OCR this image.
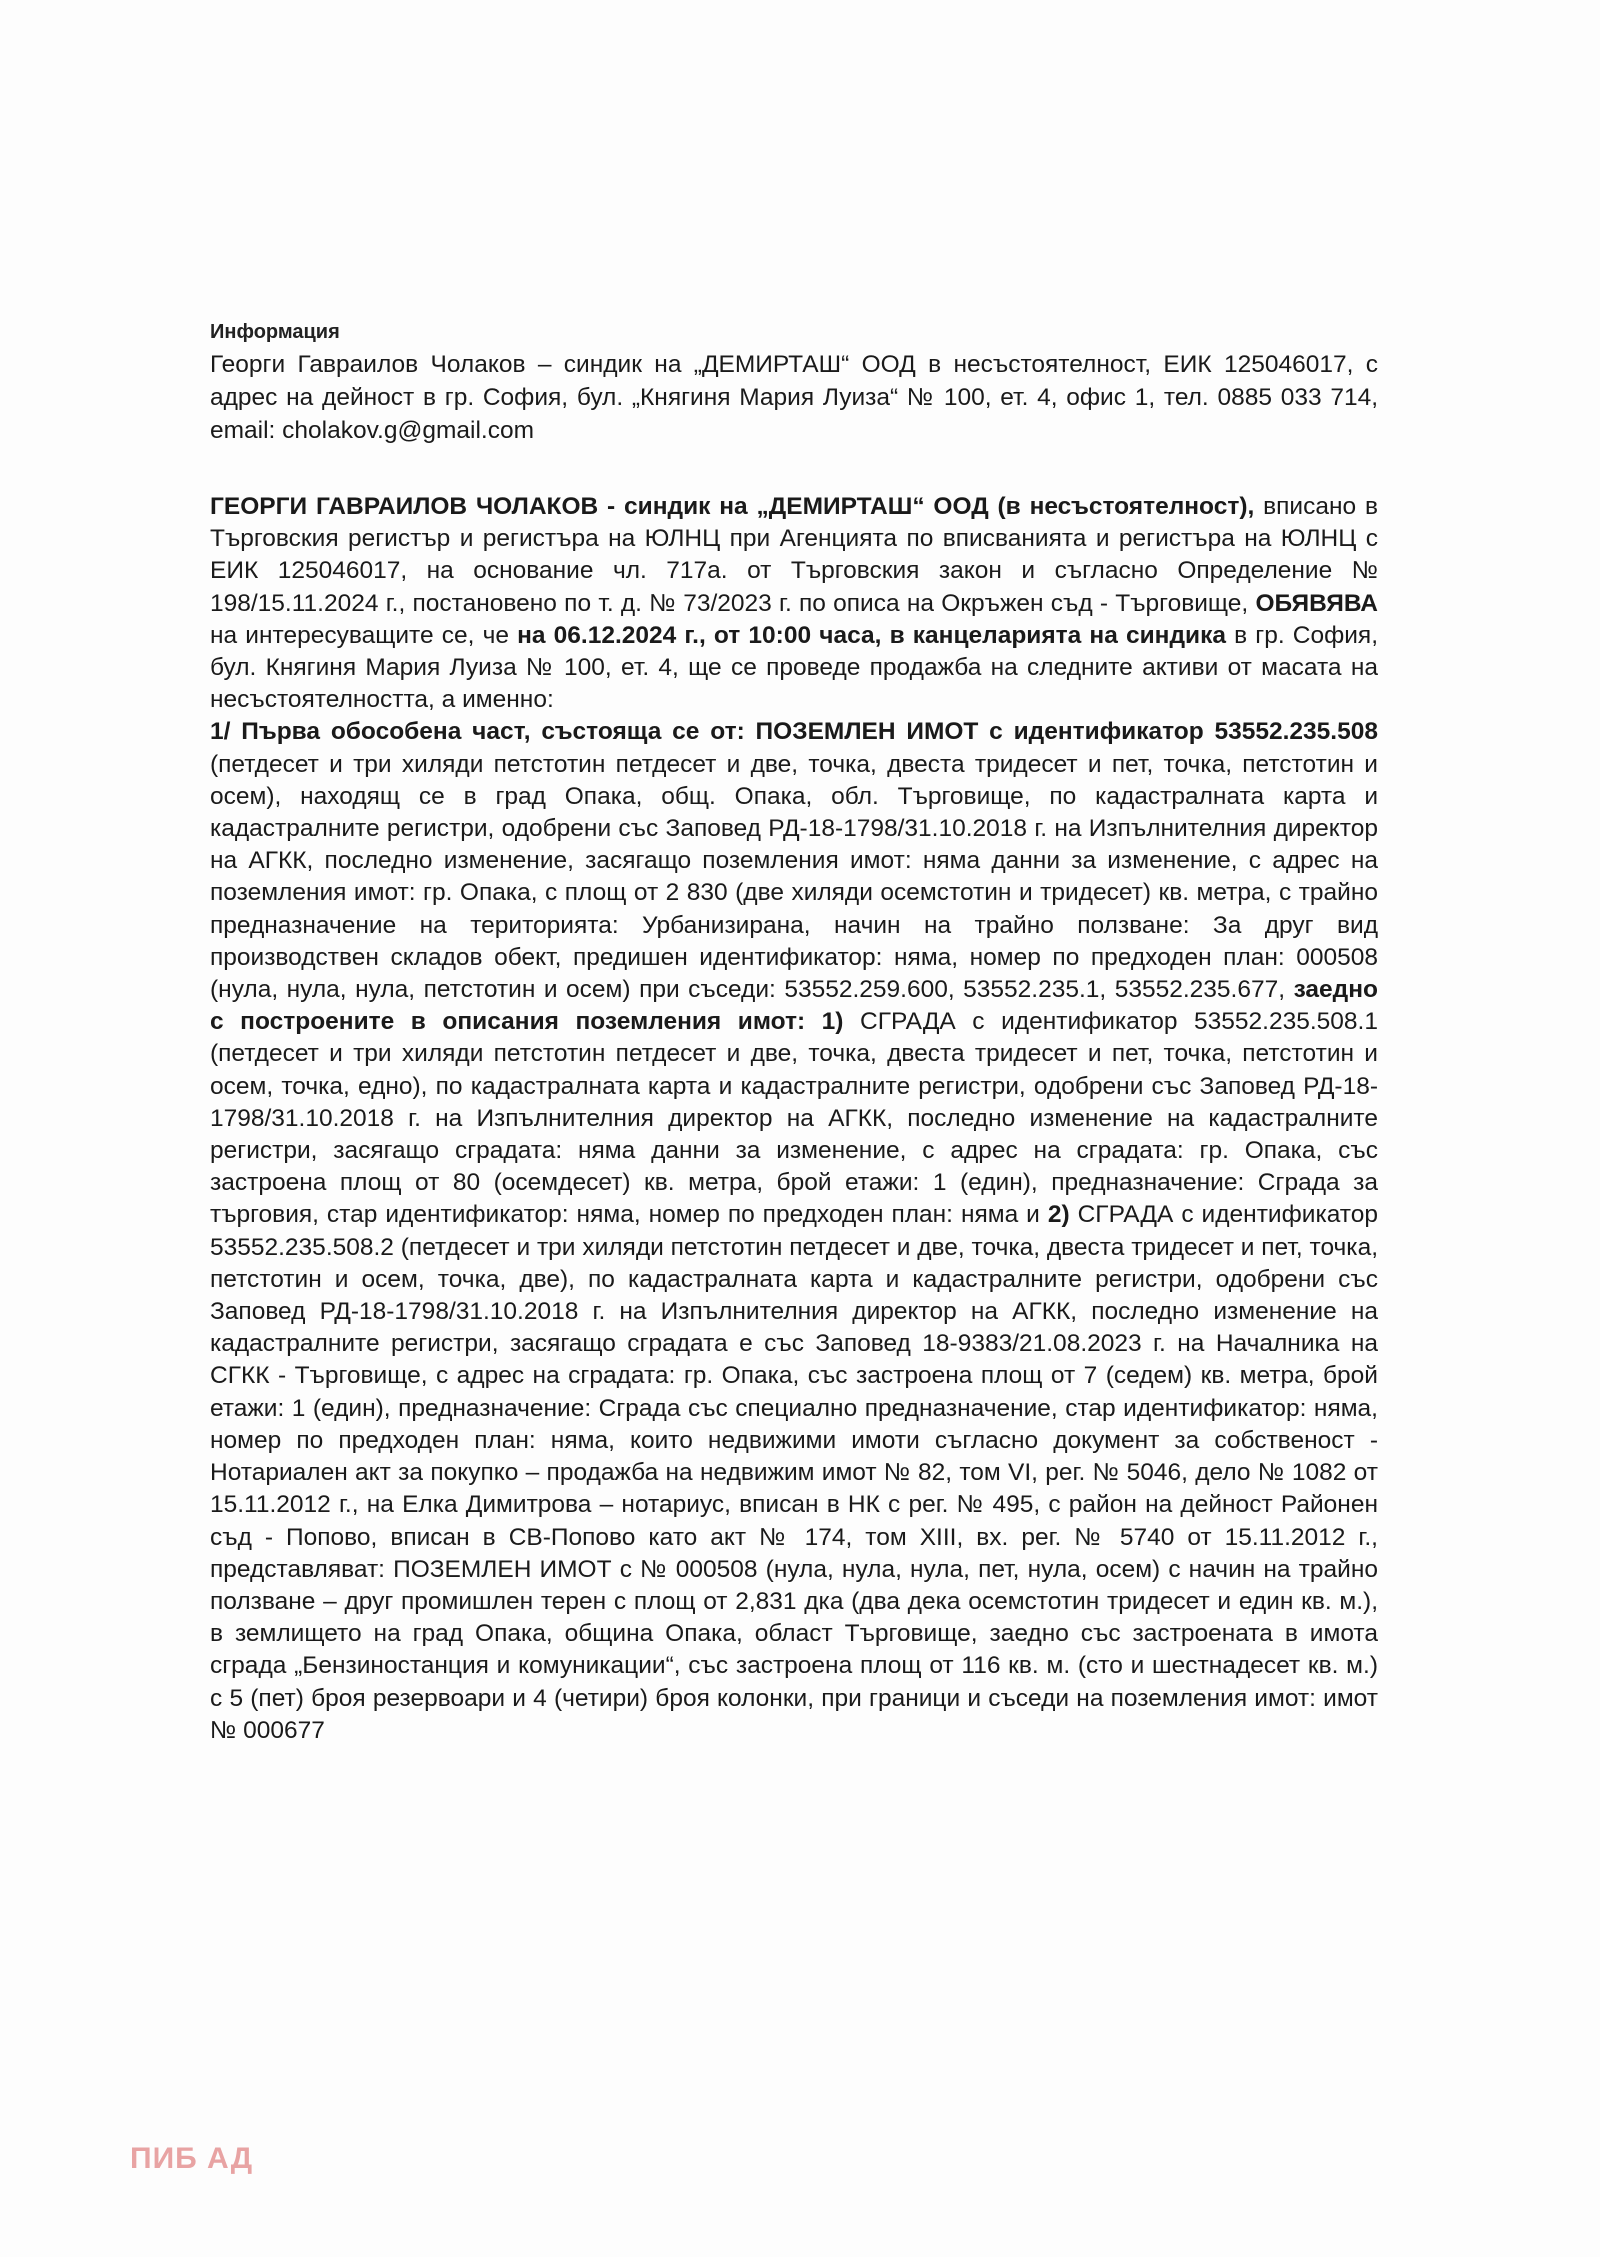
Информация

Георги Гавраилов Чолаков – синдик на „ДЕМИРТАШ“ ООД в несъстоятелност, ЕИК 125046017, с адрес на дейност в гр. София, бул. „Княгиня Мария Луиза“ № 100, ет. 4, офис 1, тел. 0885 033 714, email: cholakov.g@gmail.com

ГЕОРГИ ГАВРАИЛОВ ЧОЛАКОВ - синдик на „ДЕМИРТАШ“ ООД (в несъстоятелност), вписано в Търговския регистър и регистъра на ЮЛНЦ при Агенцията по вписванията и регистъра на ЮЛНЦ с ЕИК 125046017, на основание чл. 717а. от Търговския закон и съгласно Определение № 198/15.11.2024 г., постановено по т. д. № 73/2023 г. по описа на Окръжен съд - Търговище, ОБЯВЯВА на интересуващите се, че на 06.12.2024 г., от 10:00 часа, в канцеларията на синдика в гр. София, бул. Княгиня Мария Луиза № 100, ет. 4, ще се проведе продажба на следните активи от масата на несъстоятелността, а именно:

1/ Първа обособена част, състояща се от: ПОЗЕМЛЕН ИМОТ с идентификатор 53552.235.508 (петдесет и три хиляди петстотин петдесет и две, точка, двеста тридесет и пет, точка, петстотин и осем), находящ се в град Опака, общ. Опака, обл. Търговище, по кадастралната карта и кадастралните регистри, одобрени със Заповед РД-18-1798/31.10.2018 г. на Изпълнителния директор на АГКК, последно изменение, засягащо поземления имот: няма данни за изменение, с адрес на поземления имот: гр. Опака, с площ от 2 830 (две хиляди осемстотин и тридесет) кв. метра, с трайно предназначение на територията: Урбанизирана, начин на трайно ползване: За друг вид производствен складов обект, предишен идентификатор: няма, номер по предходен план: 000508 (нула, нула, нула, петстотин и осем) при съседи: 53552.259.600, 53552.235.1, 53552.235.677, заедно с построените в описания поземления имот: 1) СГРАДА с идентификатор 53552.235.508.1 (петдесет и три хиляди петстотин петдесет и две, точка, двеста тридесет и пет, точка, петстотин и осем, точка, едно), по кадастралната карта и кадастралните регистри, одобрени със Заповед РД-18-1798/31.10.2018 г. на Изпълнителния директор на АГКК, последно изменение на кадастралните регистри, засягащо сградата: няма данни за изменение, с адрес на сградата: гр. Опака, със застроена площ от 80 (осемдесет) кв. метра, брой етажи: 1 (един), предназначение: Сграда за търговия, стар идентификатор: няма, номер по предходен план: няма и 2) СГРАДА с идентификатор 53552.235.508.2 (петдесет и три хиляди петстотин петдесет и две, точка, двеста тридесет и пет, точка, петстотин и осем, точка, две), по кадастралната карта и кадастралните регистри, одобрени със Заповед РД-18-1798/31.10.2018 г. на Изпълнителния директор на АГКК, последно изменение на кадастралните регистри, засягащо сградата е със Заповед 18-9383/21.08.2023 г. на Началника на СГКК - Търговище, с адрес на сградата: гр. Опака, със застроена площ от 7 (седем) кв. метра, брой етажи: 1 (един), предназначение: Сграда със специално предназначение, стар идентификатор: няма, номер по предходен план: няма, които недвижими имоти съгласно документ за собственост - Нотариален акт за покупко – продажба на недвижим имот № 82, том VI, рег. № 5046, дело № 1082 от 15.11.2012 г., на Елка Димитрова – нотариус, вписан в НК с рег. № 495, с район на дейност Районен съд - Попово, вписан в СВ-Попово като акт № 174, том XIII, вх. рег. № 5740 от 15.11.2012 г., представляват: ПОЗЕМЛЕН ИМОТ с № 000508 (нула, нула, нула, пет, нула, осем) с начин на трайно ползване – друг промишлен терен с площ от 2,831 дка (два дека осемстотин тридесет и един кв. м.), в землището на град Опака, община Опака, област Търговище, заедно със застроената в имота сграда „Бензиностанция и комуникации“, със застроена площ от 116 кв. м. (сто и шестнадесет кв. м.) с 5 (пет) броя резервоари и 4 (четири) броя колонки, при граници и съседи на поземления имот: имот № 000677

ПИБ АД
